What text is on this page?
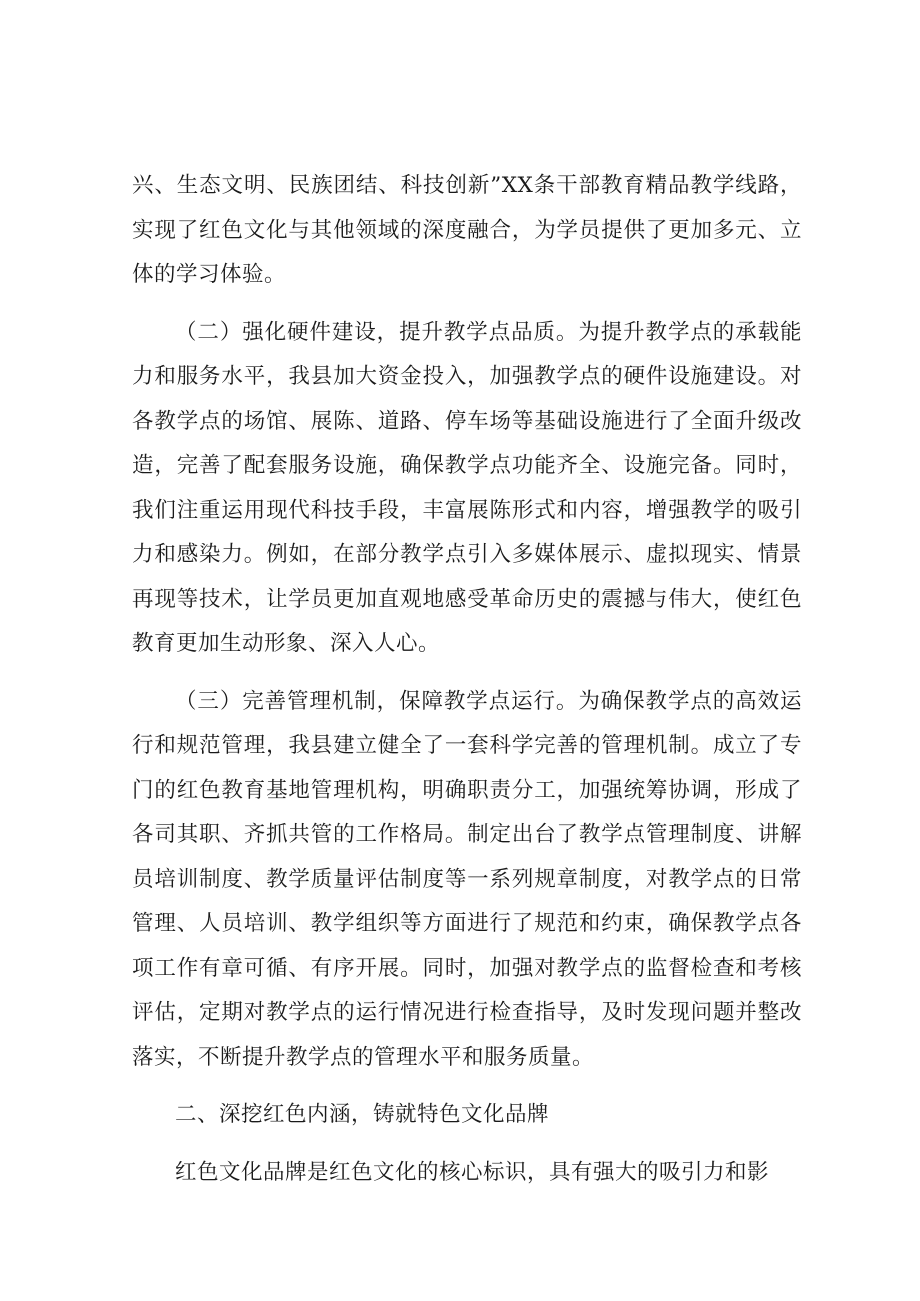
兴、生态文明、民族团结、科技创新”XX条干部教育精品教学线路，实现了红色文化与其他领域的深度融合，为学员提供了更加多元、立体的学习体验。

（二）强化硬件建设，提升教学点品质。为提升教学点的承载能力和服务水平，我县加大资金投入，加强教学点的硬件设施建设。对各教学点的场馆、展陈、道路、停车场等基础设施进行了全面升级改造，完善了配套服务设施，确保教学点功能齐全、设施完备。同时，我们注重运用现代科技手段，丰富展陈形式和内容，增强教学的吸引力和感染力。例如，在部分教学点引入多媒体展示、虚拟现实、情景再现等技术，让学员更加直观地感受革命历史的震撼与伟大，使红色教育更加生动形象、深入人心。

（三）完善管理机制，保障教学点运行。为确保教学点的高效运行和规范管理，我县建立健全了一套科学完善的管理机制。成立了专门的红色教育基地管理机构，明确职责分工，加强统筹协调，形成了各司其职、齐抓共管的工作格局。制定出台了教学点管理制度、讲解员培训制度、教学质量评估制度等一系列规章制度，对教学点的日常管理、人员培训、教学组织等方面进行了规范和约束，确保教学点各项工作有章可循、有序开展。同时，加强对教学点的监督检查和考核评估，定期对教学点的运行情况进行检查指导，及时发现问题并整改落实，不断提升教学点的管理水平和服务质量。

二、深挖红色内涵，铸就特色文化品牌

红色文化品牌是红色文化的核心标识，具有强大的吸引力和影
